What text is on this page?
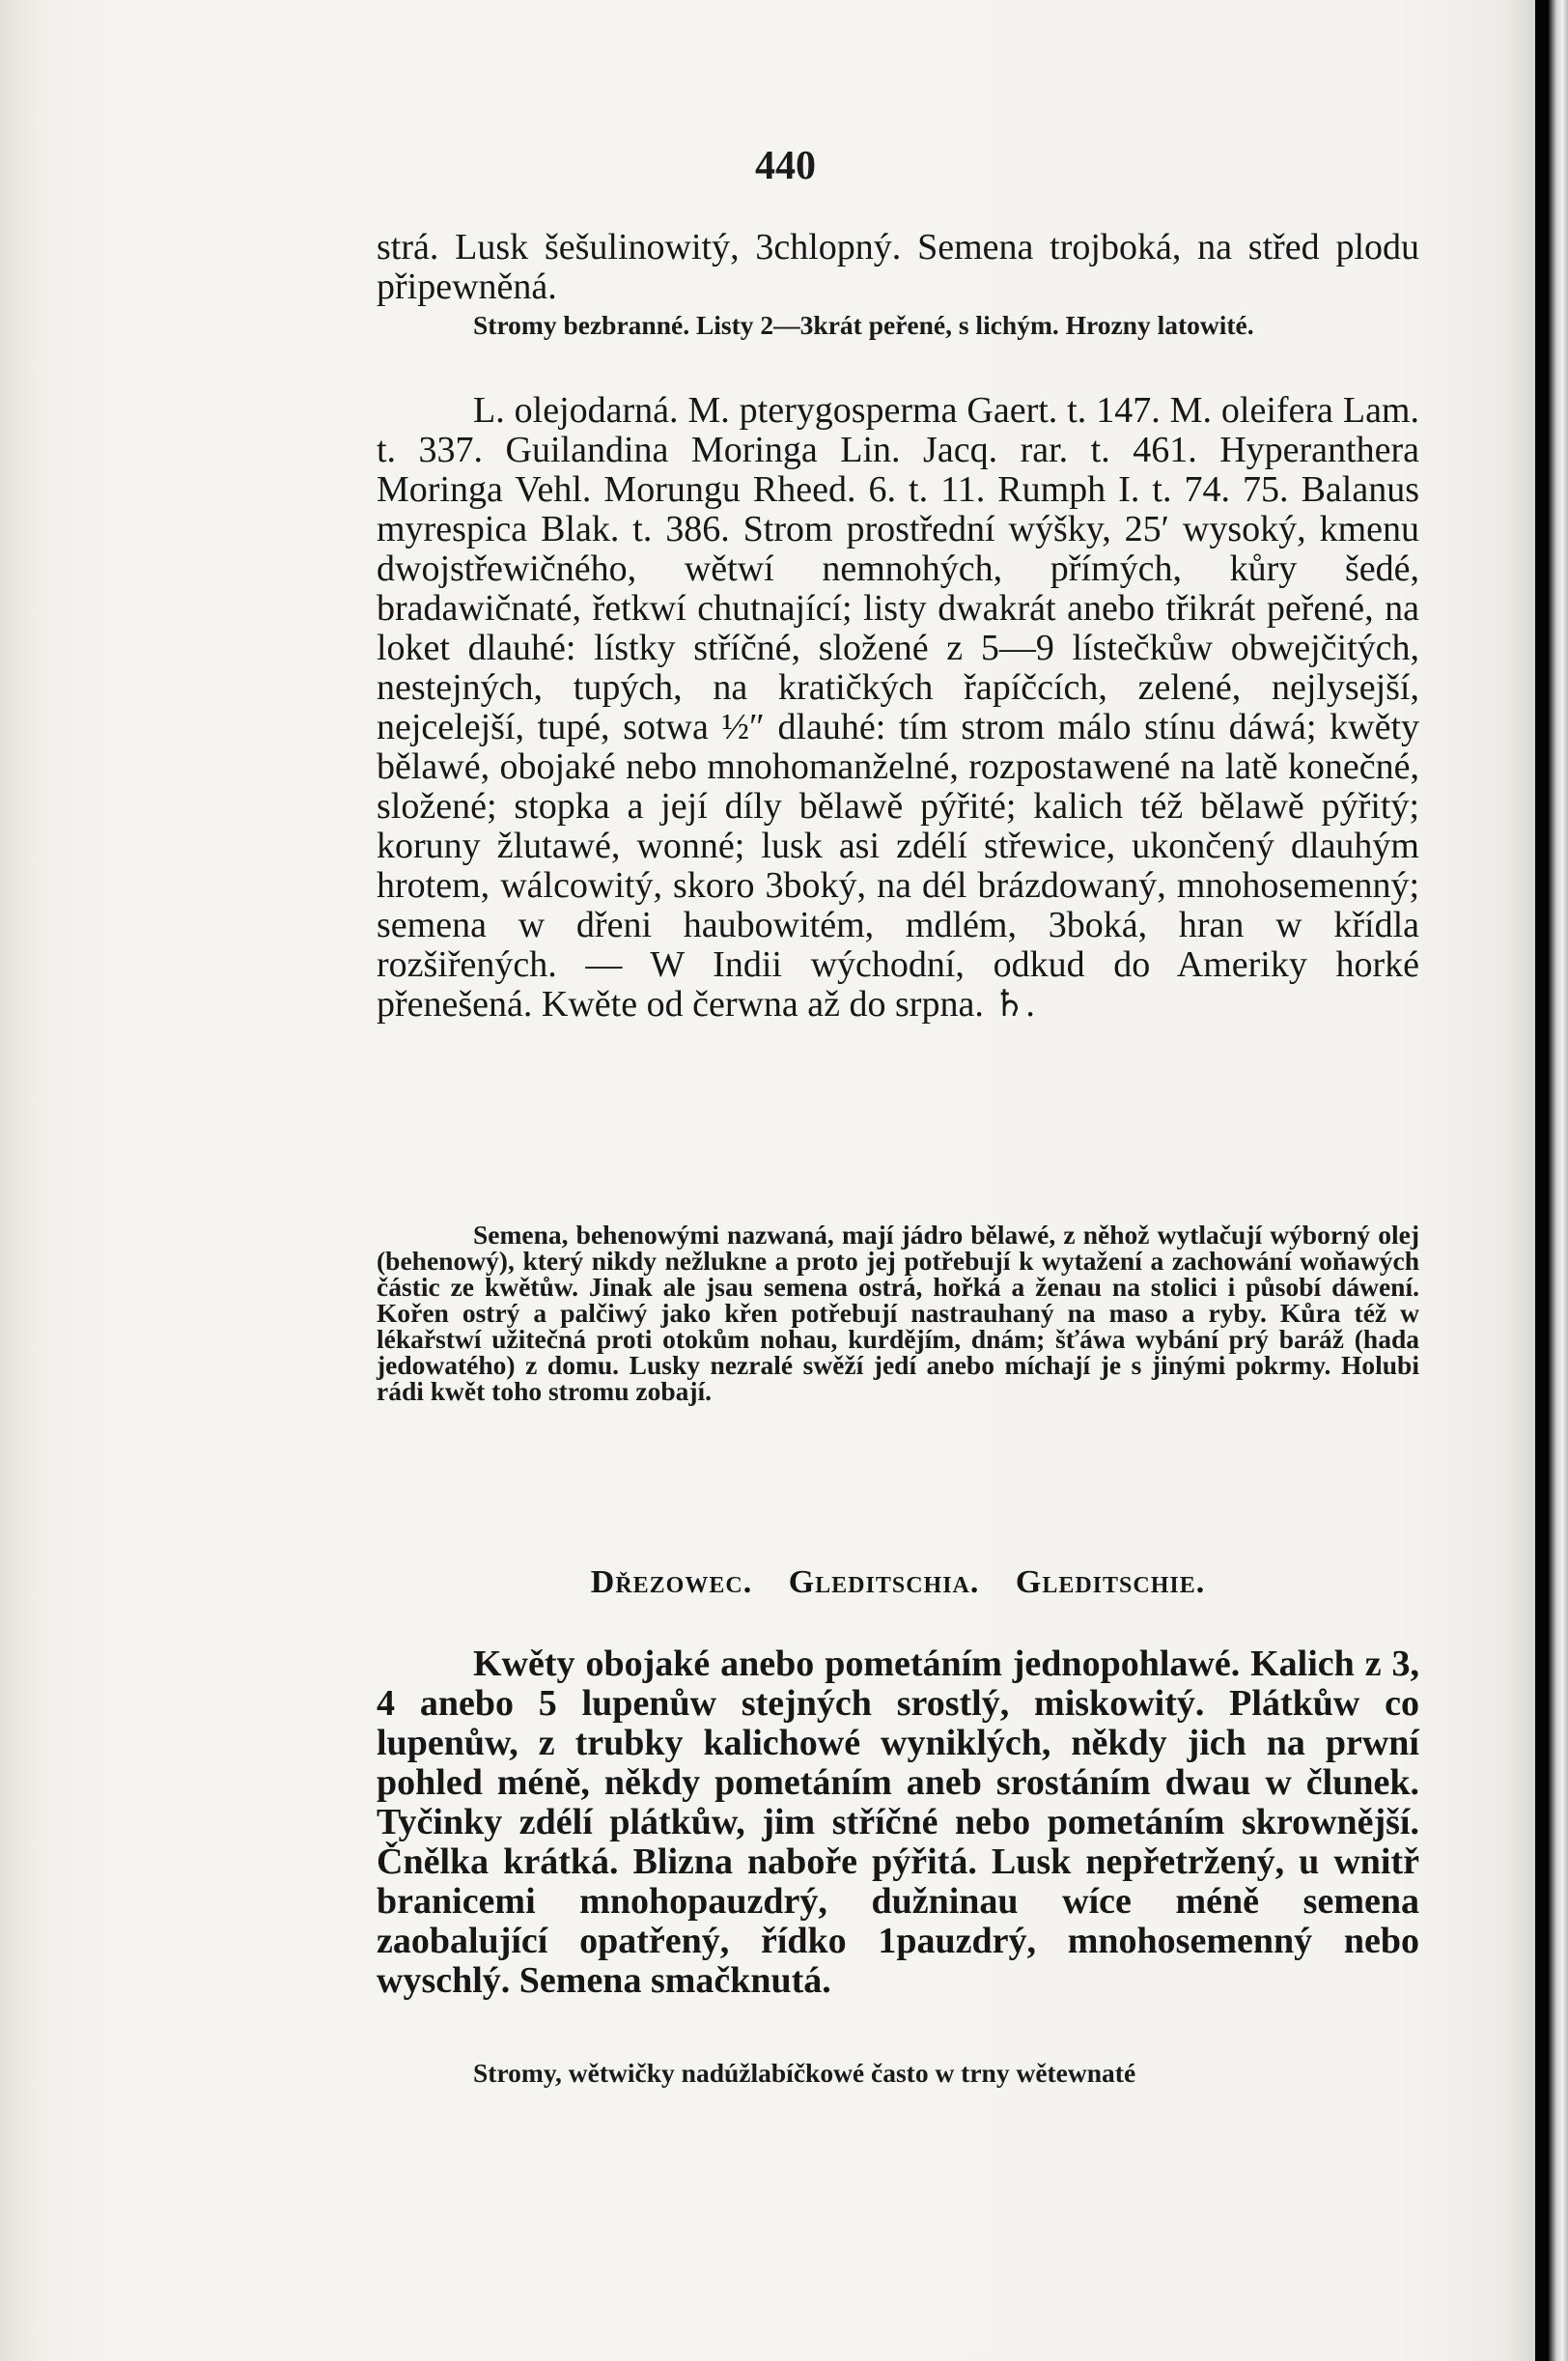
440

strá. Lusk šešulinowitý, 3chlopný. Semena trojboká, na střed plodu připewněná.

Stromy bezbranné. Listy 2—3krát peřené, s lichým. Hrozny latowité.

L. olejodarná. M. pterygosperma Gaert. t. 147. M. oleifera Lam. t. 337. Guilandina Moringa Lin. Jacq. rar. t. 461. Hyperanthera Moringa Vehl. Morungu Rheed. 6. t. 11. Rumph I. t. 74. 75. Balanus myrespica Blak. t. 386. Strom prostřední wýšky, 25′ wysoký, kmenu dwojstřewičného, wětwí nemnohých, přímých, kůry šedé, bradawičnaté, řetkwí chutnající; listy dwakrát anebo třikrát peřené, na loket dlauhé: lístky stříčné, složené z 5—9 lístečkůw obwejčitých, nestejných, tupých, na kratičkých řapíčcích, zelené, nejlysejší, nejcelejší, tupé, sotwa ½″ dlauhé: tím strom málo stínu dáwá; kwěty bělawé, obojaké nebo mnohomanželné, rozpostawené na latě konečné, složené; stopka a její díly bělawě pýřité; kalich též bělawě pýřitý; koruny žlutawé, wonné; lusk asi zdélí střewice, ukončený dlauhým hrotem, wálcowitý, skoro 3boký, na dél brázdowaný, mnohosemenný; semena w dřeni haubowitém, mdlém, 3boká, hran w křídla rozšiřených. — W Indii wýchodní, odkud do Ameriky horké přenešená. Kwěte od čerwna až do srpna. ♄.

Semena, behenowými nazwaná, mají jádro bělawé, z něhož wytlačují wýborný olej (behenowý), který nikdy nežlukne a proto jej potřebují k wytažení a zachowání woňawých částic ze kwětůw. Jinak ale jsau semena ostrá, hořká a ženau na stolici i působí dáwení. Kořen ostrý a palčiwý jako křen potřebují nastrauhaný na maso a ryby. Kůra též w lékařstwí užitečná proti otokům nohau, kurdějím, dnám; šťáwa wybání prý baráž (hada jedowatého) z domu. Lusky nezralé swěží jedí anebo míchají je s jinými pokrmy. Holubi rádi kwět toho stromu zobají.

Dřezowec. Gleditschia. Gleditschie.

Kwěty obojaké anebo pometáním jednopohlawé. Kalich z 3, 4 anebo 5 lupenůw stejných srostlý, miskowitý. Plátkůw co lupenůw, z trubky kalichowé wyniklých, někdy jich na prwní pohled méně, někdy pometáním aneb srostáním dwau w člunek. Tyčinky zdélí plátkůw, jim stříčné nebo pometáním skrownější. Čnělka krátká. Blizna naboře pýřitá. Lusk nepřetržený, u wnitř branicemi mnohopauzdrý, dužninau wíce méně semena zaobalující opatřený, řídko 1pauzdrý, mnohosemenný nebo wyschlý. Semena smačknutá.

Stromy, wětwičky nadúžlabíčkowé často w trny wětewnaté
